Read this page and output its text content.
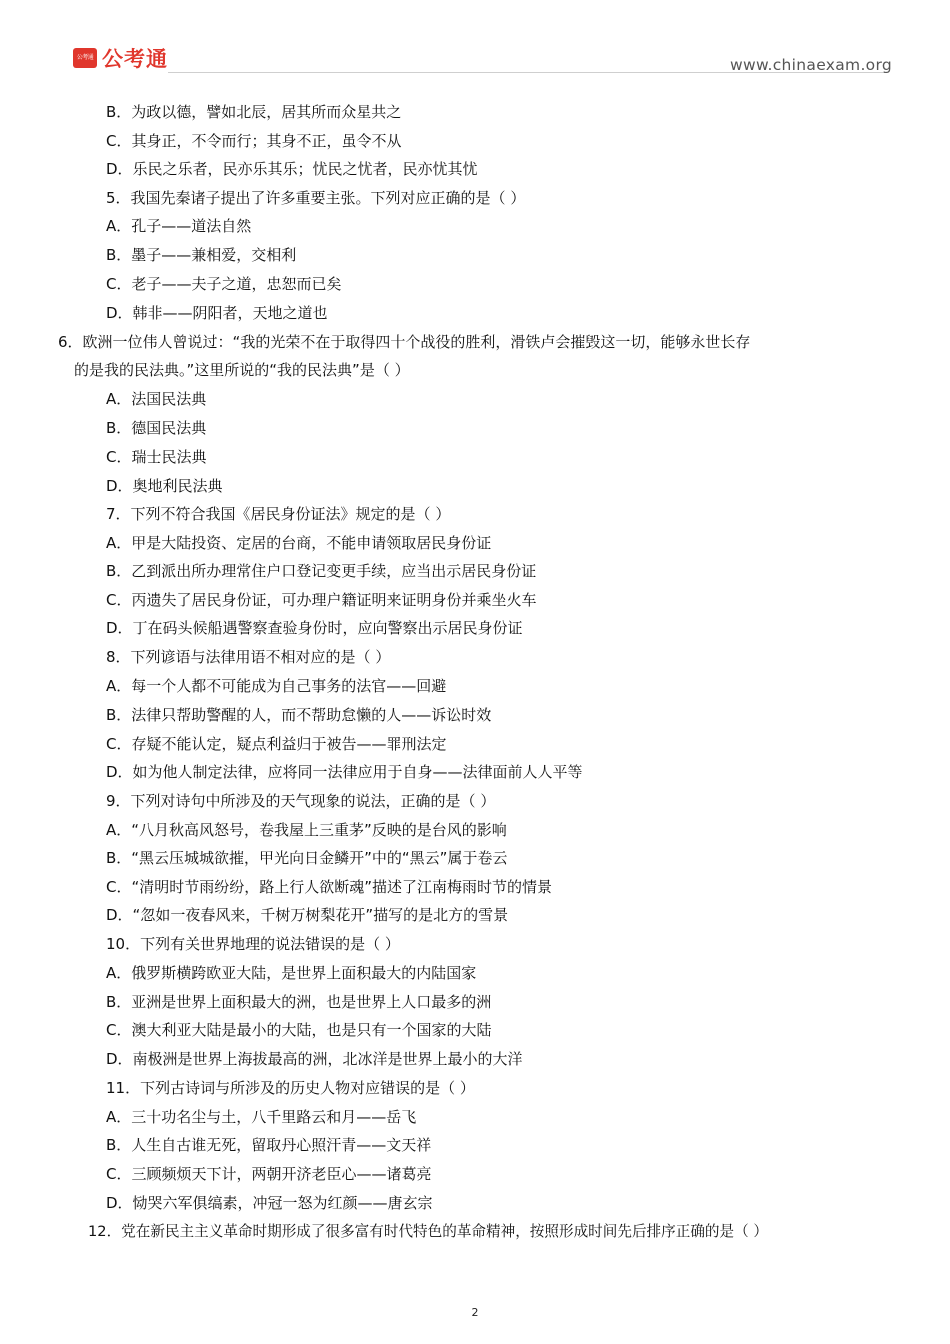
公考通 公考通	www.chinaexam.org
B．为政以德，譬如北辰，居其所而众星共之
C．其身正，不令而行；其身不正，虽令不从
D．乐民之乐者，民亦乐其乐；忧民之忧者，民亦忧其忧
5．我国先秦诸子提出了许多重要主张。下列对应正确的是（ ）
A．孔子——道法自然
B．墨子——兼相爱，交相利
C．老子——夫子之道，忠恕而已矣
D．韩非——阴阳者，天地之道也
6．欧洲一位伟人曾说过：“我的光荣不在于取得四十个战役的胜利，滑铁卢会摧毁这一切，能够永世长存
的是我的民法典。”这里所说的“我的民法典”是（ ）
A．法国民法典
B．德国民法典
C．瑞士民法典
D．奥地利民法典
7．下列不符合我国《居民身份证法》规定的是（ ）
A．甲是大陆投资、定居的台商，不能申请领取居民身份证
B．乙到派出所办理常住户口登记变更手续，应当出示居民身份证
C．丙遗失了居民身份证，可办理户籍证明来证明身份并乘坐火车
D．丁在码头候船遇警察查验身份时，应向警察出示居民身份证
8．下列谚语与法律用语不相对应的是（ ）
A．每一个人都不可能成为自己事务的法官——回避
B．法律只帮助警醒的人，而不帮助怠懒的人——诉讼时效
C．存疑不能认定，疑点利益归于被告——罪刑法定
D．如为他人制定法律，应将同一法律应用于自身——法律面前人人平等
9．下列对诗句中所涉及的天气现象的说法，正确的是（ ）
A．“八月秋高风怒号，卷我屋上三重茅”反映的是台风的影响
B．“黑云压城城欲摧，甲光向日金鳞开”中的“黑云”属于卷云
C．“清明时节雨纷纷，路上行人欲断魂”描述了江南梅雨时节的情景
D．“忽如一夜春风来，千树万树梨花开”描写的是北方的雪景
10．下列有关世界地理的说法错误的是（ ）
A．俄罗斯横跨欧亚大陆，是世界上面积最大的内陆国家
B．亚洲是世界上面积最大的洲，也是世界上人口最多的洲
C．澳大利亚大陆是最小的大陆，也是只有一个国家的大陆
D．南极洲是世界上海拔最高的洲，北冰洋是世界上最小的大洋
11．下列古诗词与所涉及的历史人物对应错误的是（ ）
A．三十功名尘与土，八千里路云和月——岳飞
B．人生自古谁无死，留取丹心照汗青——文天祥
C．三顾频烦天下计，两朝开济老臣心——诸葛亮
D．恸哭六军俱缟素，冲冠一怒为红颜——唐玄宗
12．党在新民主主义革命时期形成了很多富有时代特色的革命精神，按照形成时间先后排序正确的是（ ）
2
